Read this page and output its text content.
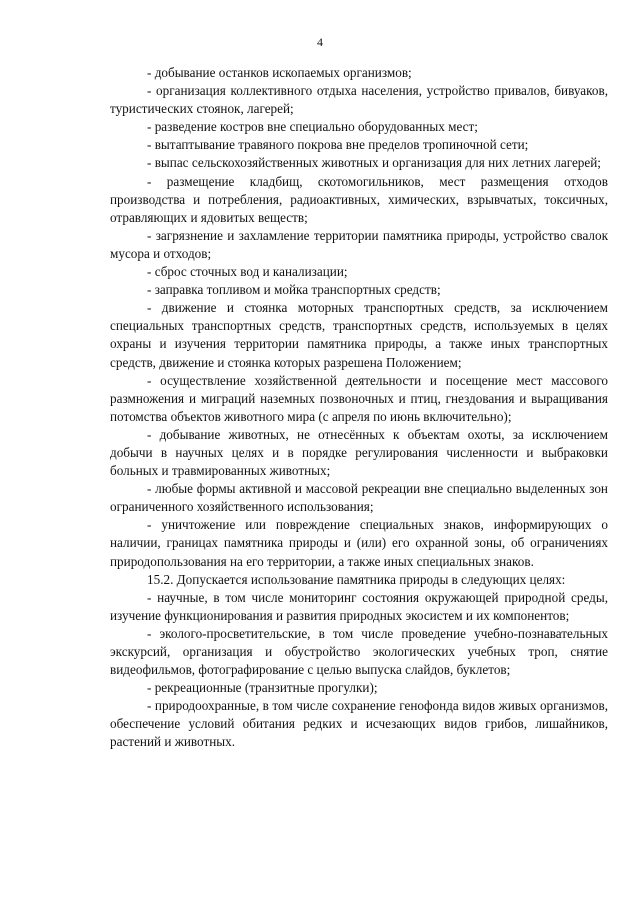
4

- добывание останков ископаемых организмов;

- организация коллективного отдыха населения, устройство привалов, бивуаков, туристических стоянок, лагерей;

- разведение костров вне специально оборудованных мест;

- вытаптывание травяного покрова вне пределов тропиночной сети;

- выпас сельскохозяйственных животных и организация для них летних лагерей;

- размещение кладбищ, скотомогильников, мест размещения отходов производства и потребления, радиоактивных, химических, взрывчатых, токсичных, отравляющих и ядовитых веществ;

- загрязнение и захламление территории памятника природы, устройство свалок мусора и отходов;

- сброс сточных вод и канализации;

- заправка топливом и мойка транспортных средств;

- движение и стоянка моторных транспортных средств, за исключением специальных транспортных средств, транспортных средств, используемых в целях охраны и изучения территории памятника природы, а также иных транспортных средств, движение и стоянка которых разрешена Положением;

- осуществление хозяйственной деятельности и посещение мест массового размножения и миграций наземных позвоночных и птиц, гнездования и выращивания потомства объектов животного мира (с апреля по июнь включительно);

- добывание животных, не отнесённых к объектам охоты, за исключением добычи в научных целях и в порядке регулирования численности и выбраковки больных и травмированных животных;

- любые формы активной и массовой рекреации вне специально выделенных зон ограниченного хозяйственного использования;

- уничтожение или повреждение специальных знаков, информирующих о наличии, границах памятника природы и (или) его охранной зоны, об ограничениях природопользования на его территории, а также иных специальных знаков.

15.2. Допускается использование памятника природы в следующих целях:

- научные, в том числе мониторинг состояния окружающей природной среды, изучение функционирования и развития природных экосистем и их компонентов;

- эколого-просветительские, в том числе проведение учебно-познавательных экскурсий, организация и обустройство экологических учебных троп, снятие видеофильмов, фотографирование с целью выпуска слайдов, буклетов;

- рекреационные (транзитные прогулки);

- природоохранные, в том числе сохранение генофонда видов живых организмов, обеспечение условий обитания редких и исчезающих видов грибов, лишайников, растений и животных.
